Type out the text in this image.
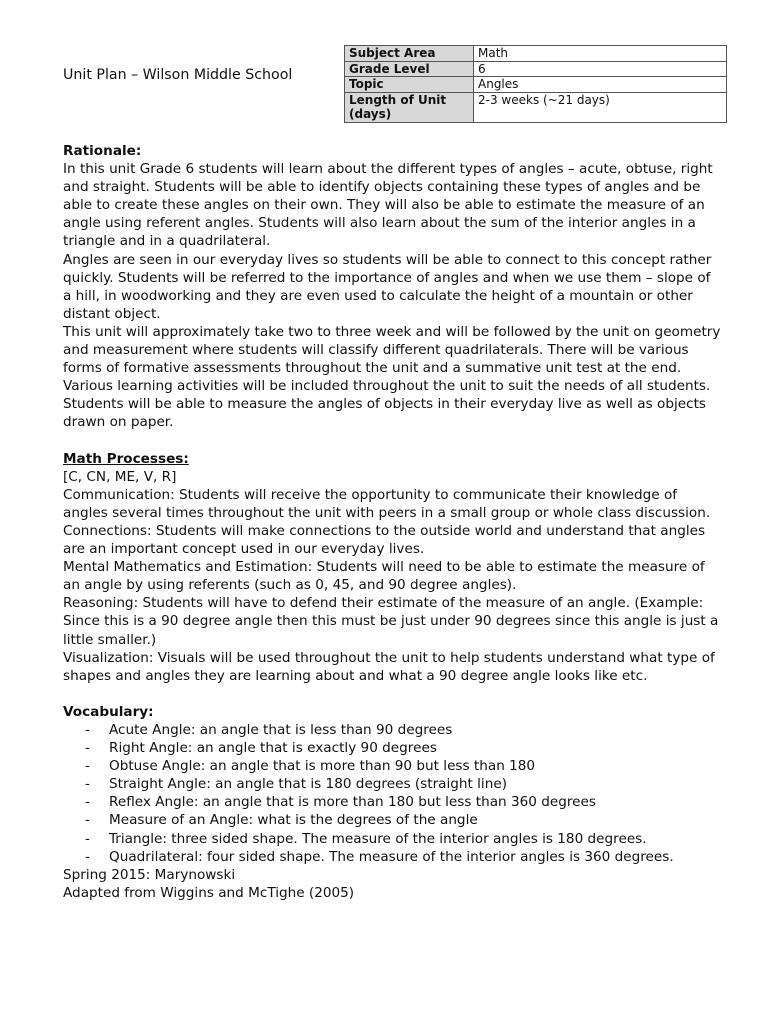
Unit Plan – Wilson Middle School
Subject Area	Math
Grade Level	6
Topic	Angles
Length of Unit (days)	2-3 weeks (~21 days)

Rationale:

In this unit Grade 6 students will learn about the different types of angles – acute, obtuse, right and straight. Students will be able to identify objects containing these types of angles and be able to create these angles on their own. They will also be able to estimate the measure of an angle using referent angles. Students will also learn about the sum of the interior angles in a triangle and in a quadrilateral.

Angles are seen in our everyday lives so students will be able to connect to this concept rather quickly. Students will be referred to the importance of angles and when we use them – slope of a hill, in woodworking and they are even used to calculate the height of a mountain or other distant object.

This unit will approximately take two to three week and will be followed by the unit on geometry and measurement where students will classify different quadrilaterals. There will be various forms of formative assessments throughout the unit and a summative unit test at the end.

Various learning activities will be included throughout the unit to suit the needs of all students. Students will be able to measure the angles of objects in their everyday live as well as objects drawn on paper.

Math Processes:

[C, CN, ME, V, R]

Communication: Students will receive the opportunity to communicate their knowledge of angles several times throughout the unit with peers in a small group or whole class discussion.

Connections: Students will make connections to the outside world and understand that angles are an important concept used in our everyday lives.

Mental Mathematics and Estimation: Students will need to be able to estimate the measure of an angle by using referents (such as 0, 45, and 90 degree angles).

Reasoning: Students will have to defend their estimate of the measure of an angle. (Example: Since this is a 90 degree angle then this must be just under 90 degrees since this angle is just a little smaller.)

Visualization: Visuals will be used throughout the unit to help students understand what type of shapes and angles they are learning about and what a 90 degree angle looks like etc.

Vocabulary:

- Acute Angle: an angle that is less than 90 degrees
- Right Angle: an angle that is exactly 90 degrees
- Obtuse Angle: an angle that is more than 90 but less than 180
- Straight Angle: an angle that is 180 degrees (straight line)
- Reflex Angle: an angle that is more than 180 but less than 360 degrees
- Measure of an Angle: what is the degrees of the angle
- Triangle: three sided shape. The measure of the interior angles is 180 degrees.
- Quadrilateral: four sided shape. The measure of the interior angles is 360 degrees.

Spring 2015: Marynowski

Adapted from Wiggins and McTighe (2005)
